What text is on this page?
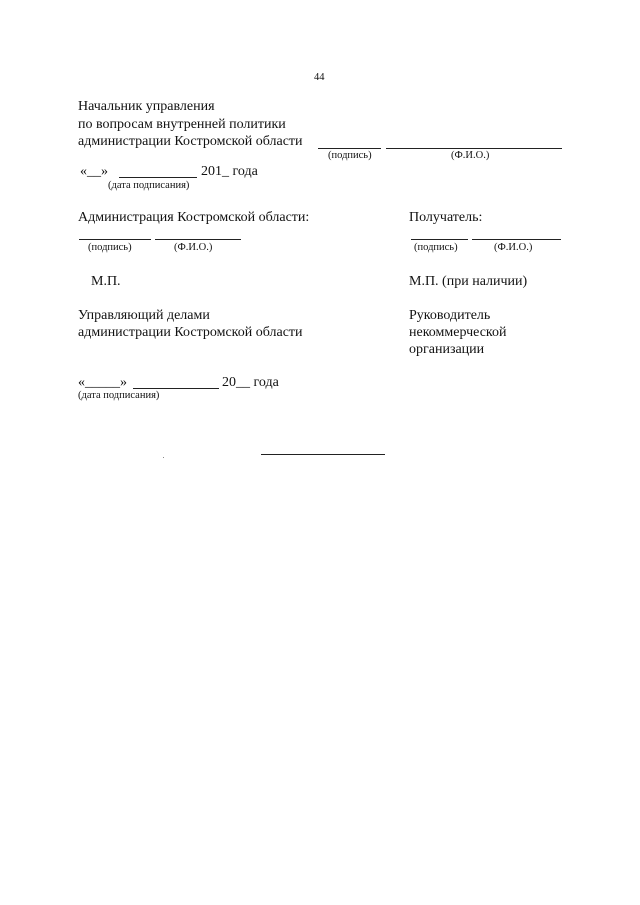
44
Начальник управления
по вопросам внутренней политики
администрации Костромской области
(подпись)	(Ф.И.О.)
«__»	201_ года
(дата подписания)
Администрация Костромской области:
(подпись)	(Ф.И.О.)
М.П.
Управляющий делами
администрации Костромской области
«_____»	20__ года
(дата подписания)
Получатель:
(подпись)	(Ф.И.О.)
М.П. (при наличии)
Руководитель
некоммерческой
организации
